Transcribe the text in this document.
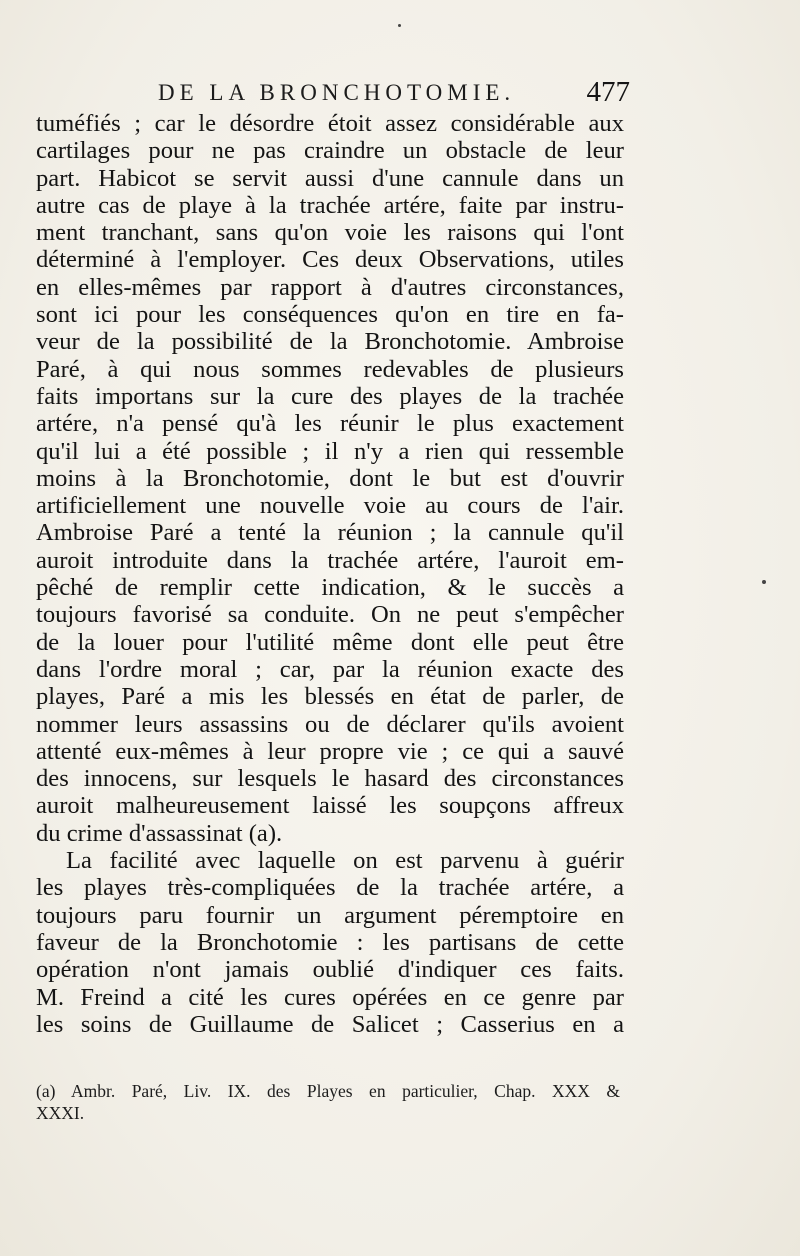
DE LA BRONCHOTOMIE. 477
tuméfiés ; car le désordre étoit assez considérable aux
cartilages pour ne pas craindre un obstacle de leur
part. Habicot se servit aussi d'une cannule dans un
autre cas de playe à la trachée artére, faite par instru-
ment tranchant, sans qu'on voie les raisons qui l'ont
déterminé à l'employer. Ces deux Observations, utiles
en elles-mêmes par rapport à d'autres circonstances,
sont ici pour les conséquences qu'on en tire en fa-
veur de la possibilité de la Bronchotomie. Ambroise
Paré, à qui nous sommes redevables de plusieurs
faits importans sur la cure des playes de la trachée
artére, n'a pensé qu'à les réunir le plus exactement
qu'il lui a été possible ; il n'y a rien qui ressemble
moins à la Bronchotomie, dont le but est d'ouvrir
artificiellement une nouvelle voie au cours de l'air.
Ambroise Paré a tenté la réunion ; la cannule qu'il
auroit introduite dans la trachée artére, l'auroit em-
pêché de remplir cette indication, & le succès a
toujours favorisé sa conduite. On ne peut s'empêcher
de la louer pour l'utilité même dont elle peut être
dans l'ordre moral ; car, par la réunion exacte des
playes, Paré a mis les blessés en état de parler, de
nommer leurs assassins ou de déclarer qu'ils avoient
attenté eux-mêmes à leur propre vie ; ce qui a sauvé
des innocens, sur lesquels le hasard des circonstances
auroit malheureusement laissé les soupçons affreux
du crime d'assassinat (a).
La facilité avec laquelle on est parvenu à guérir
les playes très-compliquées de la trachée artére, a
toujours paru fournir un argument péremptoire en
faveur de la Bronchotomie : les partisans de cette
opération n'ont jamais oublié d'indiquer ces faits.
M. Freind a cité les cures opérées en ce genre par
les soins de Guillaume de Salicet ; Casserius en a
(a) Ambr. Paré, Liv. IX. des Playes en particulier, Chap. XXX &
XXXI.
